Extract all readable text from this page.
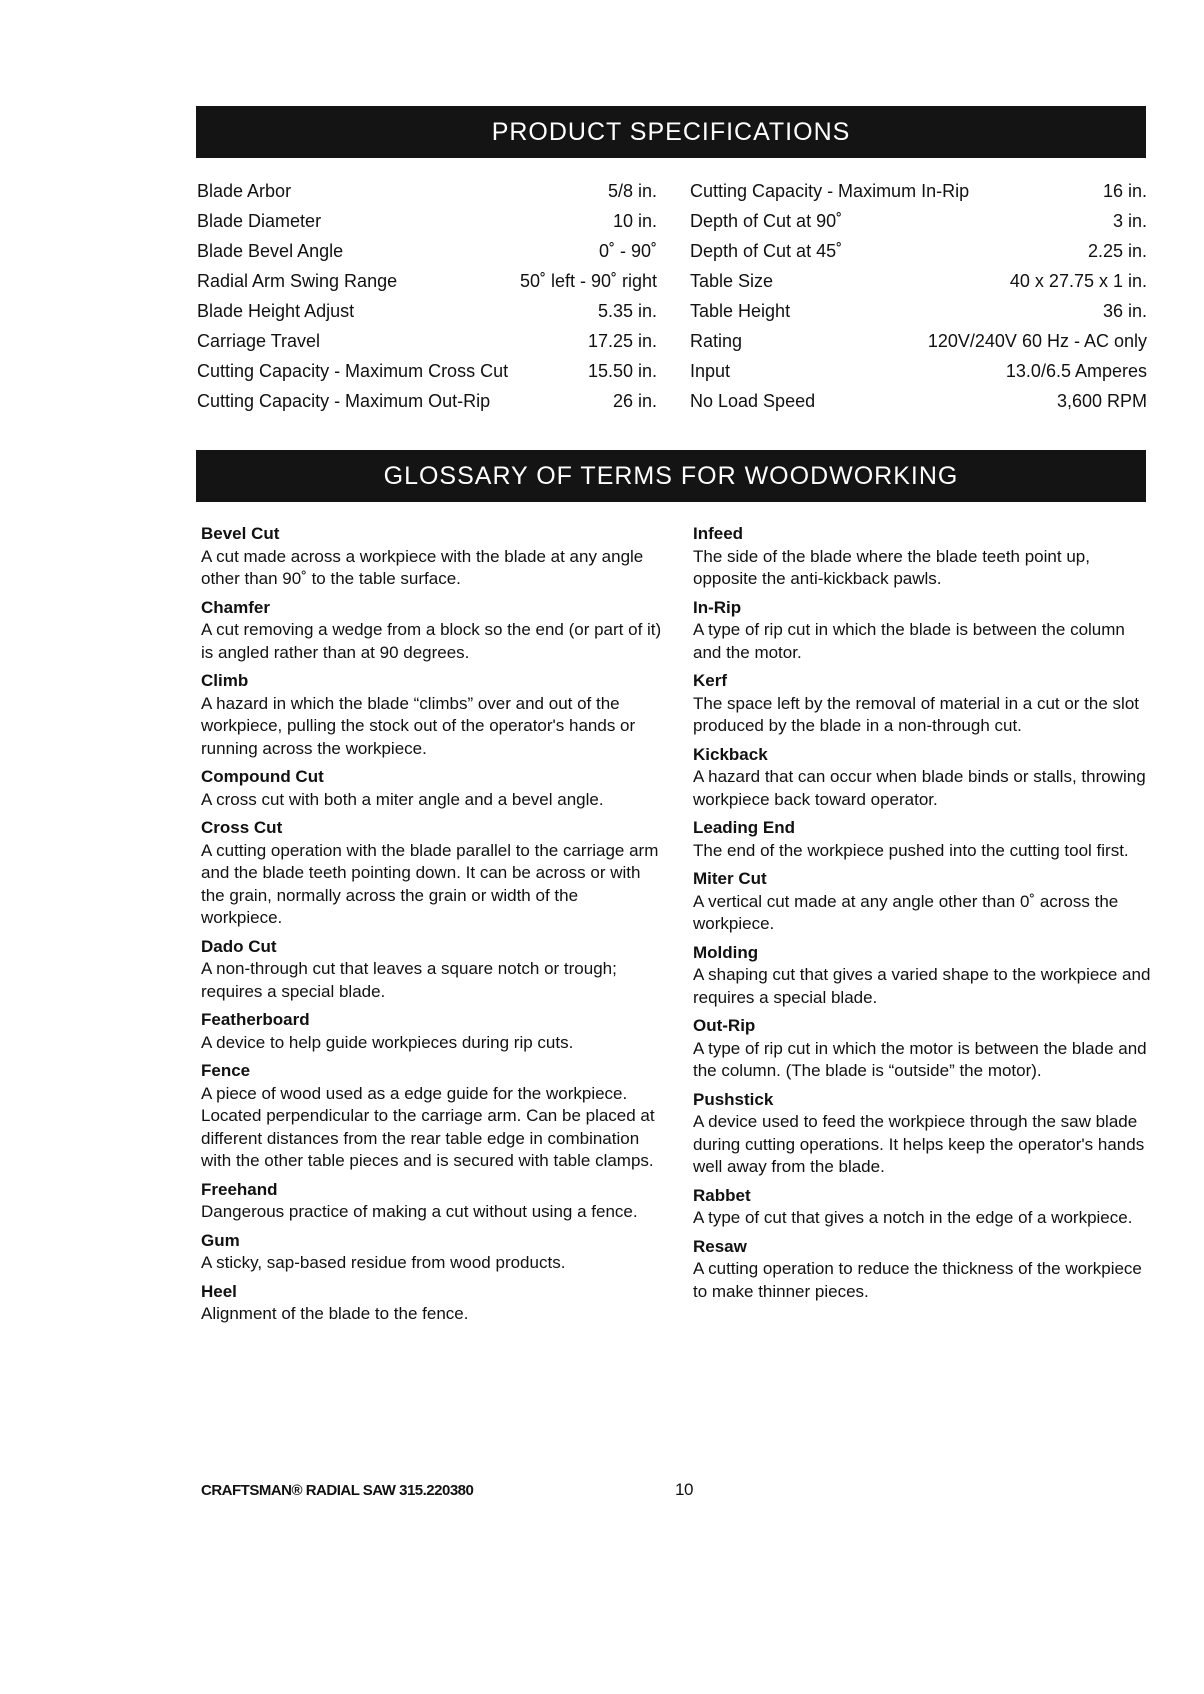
PRODUCT SPECIFICATIONS
Blade Arbor	5/8 in.
Blade Diameter	10 in.
Blade Bevel Angle	0˚ - 90˚
Radial Arm Swing Range	50˚ left - 90˚ right
Blade Height Adjust	5.35 in.
Carriage Travel	17.25 in.
Cutting Capacity - Maximum Cross Cut	15.50 in.
Cutting Capacity - Maximum Out-Rip	26 in.
Cutting Capacity - Maximum In-Rip	16 in.
Depth of Cut at 90˚	3 in.
Depth of Cut at 45˚	2.25 in.
Table Size	40 x 27.75 x 1 in.
Table Height	36 in.
Rating	120V/240V 60 Hz - AC only
Input	13.0/6.5 Amperes
No Load Speed	3,600 RPM
GLOSSARY OF TERMS FOR WOODWORKING
Bevel Cut
A cut made across a workpiece with the blade at any angle other than 90˚ to the table surface.
Chamfer
A cut removing a wedge from a block so the end (or part of it) is angled rather than at 90 degrees.
Climb
A hazard in which the blade “climbs” over and out of the workpiece, pulling the stock out of the operator's hands or running across the workpiece.
Compound Cut
A cross cut with both a miter angle and a bevel angle.
Cross Cut
A cutting operation with the blade parallel to the carriage arm and the blade teeth pointing down. It can be across or with the grain, normally across the grain or width of the workpiece.
Dado Cut
A non-through cut that leaves a square notch or trough; requires a special blade.
Featherboard
A device to help guide workpieces during rip cuts.
Fence
A piece of wood used as a edge guide for the workpiece. Located perpendicular to the carriage arm. Can be placed at different distances from the rear table edge in combination with the other table pieces and is secured with table clamps.
Freehand
Dangerous practice of making a cut without using a fence.
Gum
A sticky, sap-based residue from wood products.
Heel
Alignment of the blade to the fence.
Infeed
The side of the blade where the blade teeth point up, opposite the anti-kickback pawls.
In-Rip
A type of rip cut in which the blade is between the column and the motor.
Kerf
The space left by the removal of material in a cut or the slot produced by the blade in a non-through cut.
Kickback
A hazard that can occur when blade binds or stalls, throwing workpiece back toward operator.
Leading End
The end of the workpiece pushed into the cutting tool first.
Miter Cut
A vertical cut made at any angle other than 0˚ across the workpiece.
Molding
A shaping cut that gives a varied shape to the workpiece and requires a special blade.
Out-Rip
A type of rip cut in which the motor is between the blade and the column. (The blade is “outside” the motor).
Pushstick
A device used to feed the workpiece through the saw blade during cutting operations. It helps keep the operator's hands well away from the blade.
Rabbet
A type of cut that gives a notch in the edge of a workpiece.
Resaw
A cutting operation to reduce the thickness of the workpiece to make thinner pieces.
CRAFTSMAN® RADIAL SAW 315.220380	10
